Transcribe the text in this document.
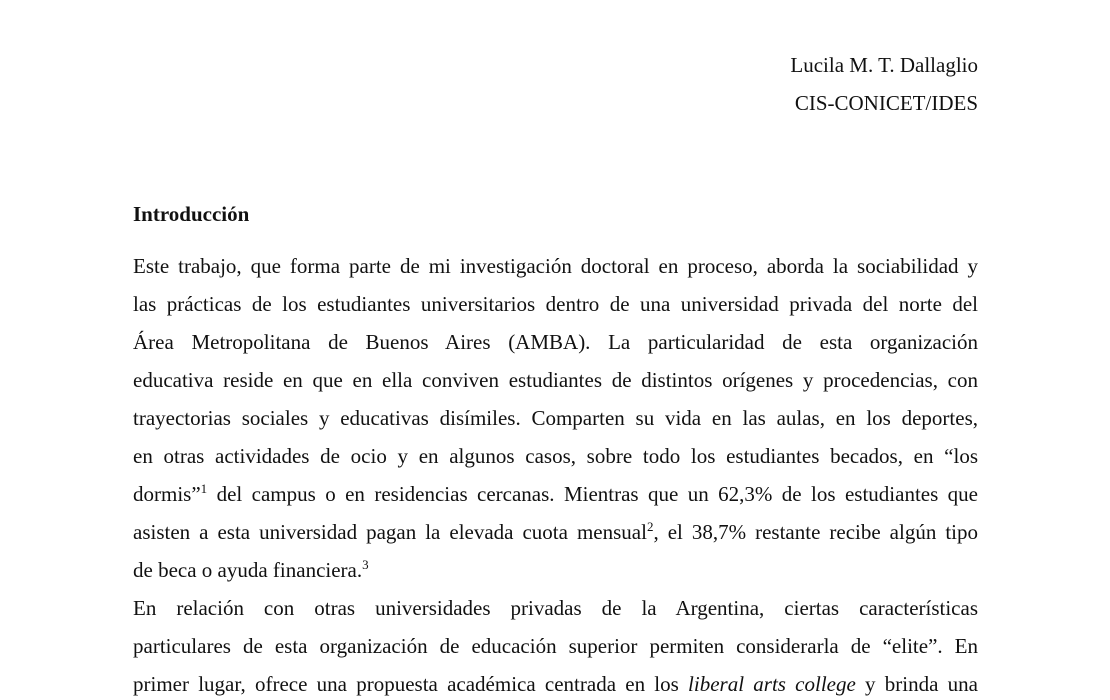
Lucila M. T. Dallaglio
CIS-CONICET/IDES
Introducción

Este trabajo, que forma parte de mi investigación doctoral en proceso, aborda la sociabilidad y
las prácticas de los estudiantes universitarios dentro de una universidad privada del norte del
Área Metropolitana de Buenos Aires (AMBA). La particularidad de esta organización
educativa reside en que en ella conviven estudiantes de distintos orígenes y procedencias, con
trayectorias sociales y educativas disímiles. Comparten su vida en las aulas, en los deportes,
en otras actividades de ocio y en algunos casos, sobre todo los estudiantes becados, en “los
dormis”$^1$ del campus o en residencias cercanas. Mientras que un 62,3% de los estudiantes que
asisten a esta universidad pagan la elevada cuota mensual$^2$, el 38,7% restante recibe algún tipo
de beca o ayuda financiera.$^3$

En relación con otras universidades privadas de la Argentina, ciertas características
particulares de esta organización de educación superior permiten considerarla de “elite”. En
primer lugar, ofrece una propuesta académica centrada en los liberal arts college y brinda una
